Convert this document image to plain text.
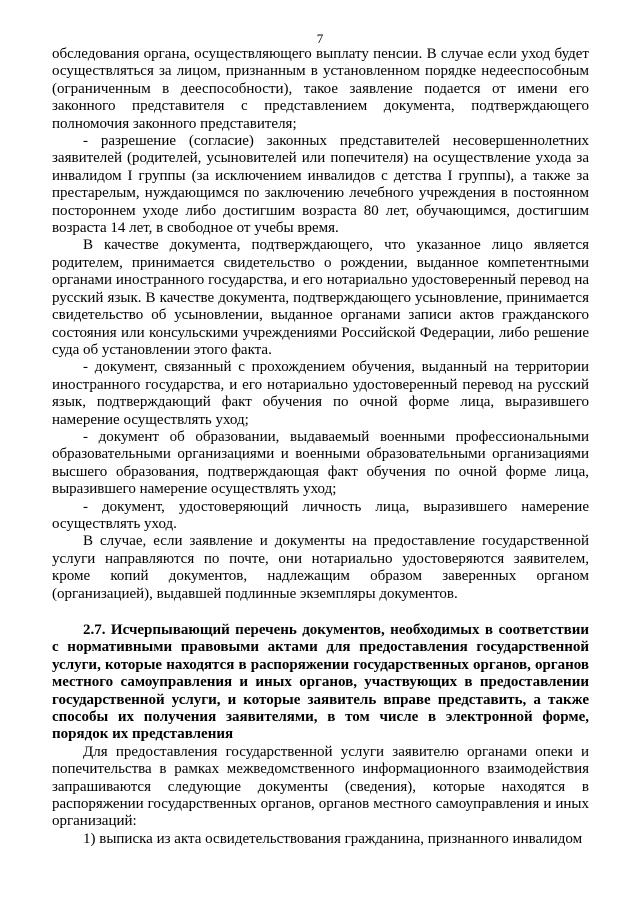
7

обследования органа, осуществляющего выплату пенсии. В случае если уход будет осуществляться за лицом, признанным в установленном порядке недееспособным (ограниченным в дееспособности), такое заявление подается от имени его законного представителя с представлением документа, подтверждающего полномочия законного представителя;

- разрешение (согласие) законных представителей несовершеннолетних заявителей (родителей, усыновителей или попечителя) на осуществление ухода за инвалидом I группы (за исключением инвалидов с детства I группы), а также за престарелым, нуждающимся по заключению лечебного учреждения в постоянном постороннем уходе либо достигшим возраста 80 лет, обучающимся, достигшим возраста 14 лет, в свободное от учебы время.

В качестве документа, подтверждающего, что указанное лицо является родителем, принимается свидетельство о рождении, выданное компетентными органами иностранного государства, и его нотариально удостоверенный перевод на русский язык. В качестве документа, подтверждающего усыновление, принимается свидетельство об усыновлении, выданное органами записи актов гражданского состояния или консульскими учреждениями Российской Федерации, либо решение суда об установлении этого факта.

- документ, связанный с прохождением обучения, выданный на территории иностранного государства, и его нотариально удостоверенный перевод на русский язык, подтверждающий факт обучения по очной форме лица, выразившего намерение осуществлять уход;

- документ об образовании, выдаваемый военными профессиональными образовательными организациями и военными образовательными организациями высшего образования, подтверждающая факт обучения по очной форме лица, выразившего намерение осуществлять уход;

- документ, удостоверяющий личность лица, выразившего намерение осуществлять уход.

В случае, если заявление и документы на предоставление государственной услуги направляются по почте, они нотариально удостоверяются заявителем, кроме копий документов, надлежащим образом заверенных органом (организацией), выдавшей подлинные экземпляры документов.

2.7. Исчерпывающий перечень документов, необходимых в соответствии с нормативными правовыми актами для предоставления государственной услуги, которые находятся в распоряжении государственных органов, органов местного самоуправления и иных органов, участвующих в предоставлении государственной услуги, и которые заявитель вправе представить, а также способы их получения заявителями, в том числе в электронной форме, порядок их представления

Для предоставления государственной услуги заявителю органами опеки и попечительства в рамках межведомственного информационного взаимодействия запрашиваются следующие документы (сведения), которые находятся в распоряжении государственных органов, органов местного самоуправления и иных организаций:

1) выписка из акта освидетельствования гражданина, признанного инвалидом
